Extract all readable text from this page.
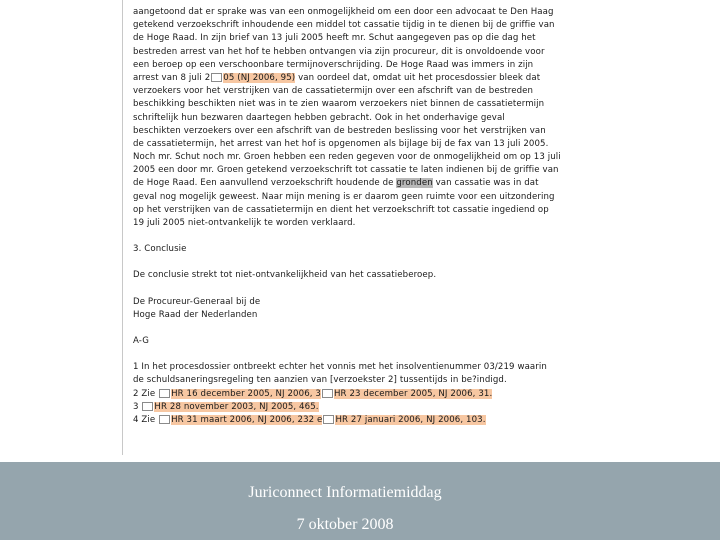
aangetoond dat er sprake was van een onmogelijkheid om een door een advocaat te Den Haag
getekend verzoekschrift inhoudende een middel tot cassatie tijdig in te dienen bij de griffie van
de Hoge Raad. In zijn brief van 13 juli 2005 heeft mr. Schut aangegeven pas op die dag het
bestreden arrest van het hof te hebben ontvangen via zijn procureur, dit is onvoldoende voor
een beroep op een verschoonbare termijnoverschrijding. De Hoge Raad was immers in zijn
arrest van 8 juli 2 05 (NJ 2006, 95) van oordeel dat, omdat uit het procesdossier bleek dat
verzoekers voor het verstrijken van de cassatietermijn over een afschrift van de bestreden
beschikking beschikten niet was in te zien waarom verzoekers niet binnen de cassatietermijn
schriftelijk hun bezwaren daartegen hebben gebracht. Ook in het onderhavige geval
beschikten verzoekers over een afschrift van de bestreden beslissing voor het verstrijken van
de cassatietermijn, het arrest van het hof is opgenomen als bijlage bij de fax van 13 juli 2005.
Noch mr. Schut noch mr. Groen hebben een reden gegeven voor de onmogelijkheid om op 13 juli
2005 een door mr. Groen getekend verzoekschrift tot cassatie te laten indienen bij de griffie van
de Hoge Raad. Een aanvullend verzoekschrift houdende de gronden van cassatie was in dat
geval nog mogelijk geweest. Naar mijn mening is er daarom geen ruimte voor een uitzondering
op het verstrijken van de cassatietermijn en dient het verzoekschrift tot cassatie ingediend op
19 juli 2005 niet-ontvankelijk te worden verklaard.
3. Conclusie
De conclusie strekt tot niet-ontvankelijkheid van het cassatieberoep.
De Procureur-Generaal bij de
Hoge Raad der Nederlanden
A-G
1 In het procesdossier ontbreekt echter het vonnis met het insolventienummer 03/219 waarin
de schuldsaneringsregeling ten aanzien van [verzoekster 2] tussentijds in be?indigd.
2 Zie HR 16 december 2005, NJ 2006, 3 HR 23 december 2005, NJ 2006, 31.
3 HR 28 november 2003, NJ 2005, 465.
4 Zie HR 31 maart 2006, NJ 2006, 232 e HR 27 januari 2006, NJ 2006, 103.
Juriconnect Informatiemiddag
7 oktober 2008
